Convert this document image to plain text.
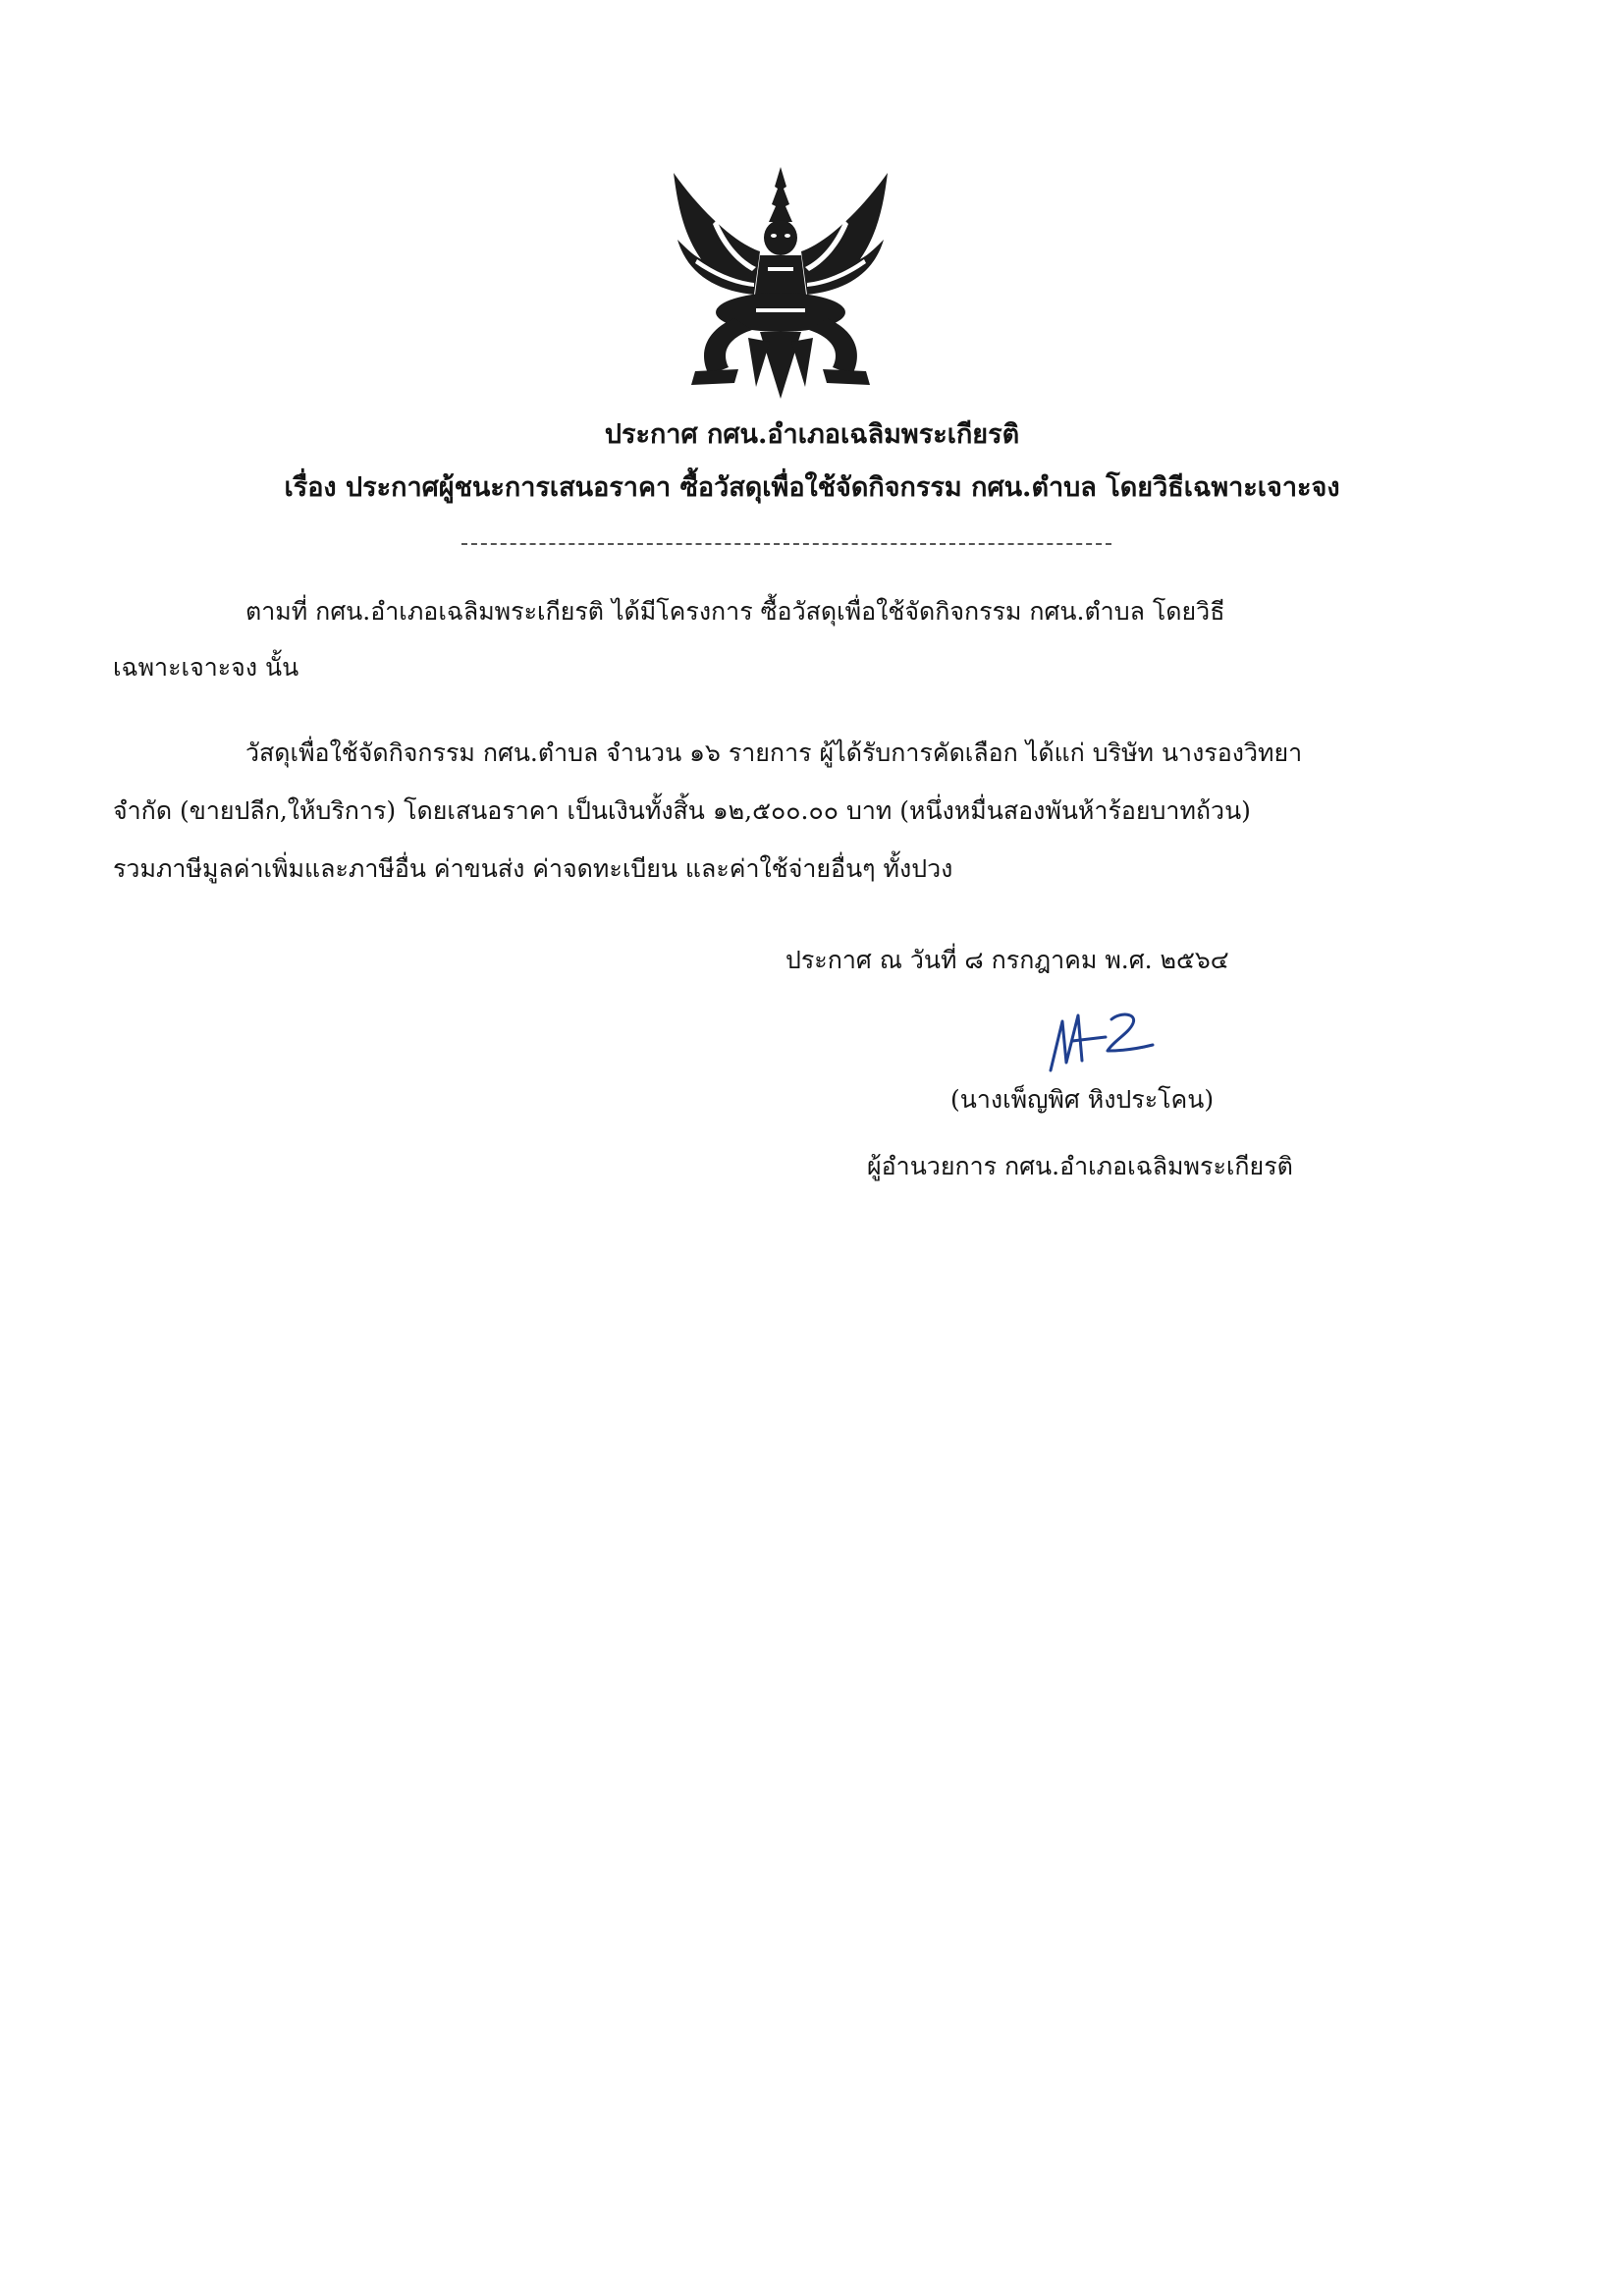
ประกาศ กศน.อำเภอเฉลิมพระเกียรติ
เรื่อง ประกาศผู้ชนะการเสนอราคา ซื้อวัสดุเพื่อใช้จัดกิจกรรม กศน.ตำบล โดยวิธีเฉพาะเจาะจง
ตามที่ กศน.อำเภอเฉลิมพระเกียรติ ได้มีโครงการ ซื้อวัสดุเพื่อใช้จัดกิจกรรม กศน.ตำบล โดยวิธี
เฉพาะเจาะจง นั้น
วัสดุเพื่อใช้จัดกิจกรรม กศน.ตำบล จำนวน ๑๖ รายการ ผู้ได้รับการคัดเลือก ได้แก่ บริษัท นางรองวิทยา
จำกัด (ขายปลีก,ให้บริการ) โดยเสนอราคา เป็นเงินทั้งสิ้น ๑๒,๕๐๐.๐๐ บาท (หนึ่งหมื่นสองพันห้าร้อยบาทถ้วน)
รวมภาษีมูลค่าเพิ่มและภาษีอื่น ค่าขนส่ง ค่าจดทะเบียน และค่าใช้จ่ายอื่นๆ ทั้งปวง
ประกาศ ณ วันที่ ๘ กรกฎาคม พ.ศ. ๒๕๖๔
(นางเพ็ญพิศ หิงประโคน)
ผู้อำนวยการ กศน.อำเภอเฉลิมพระเกียรติ
